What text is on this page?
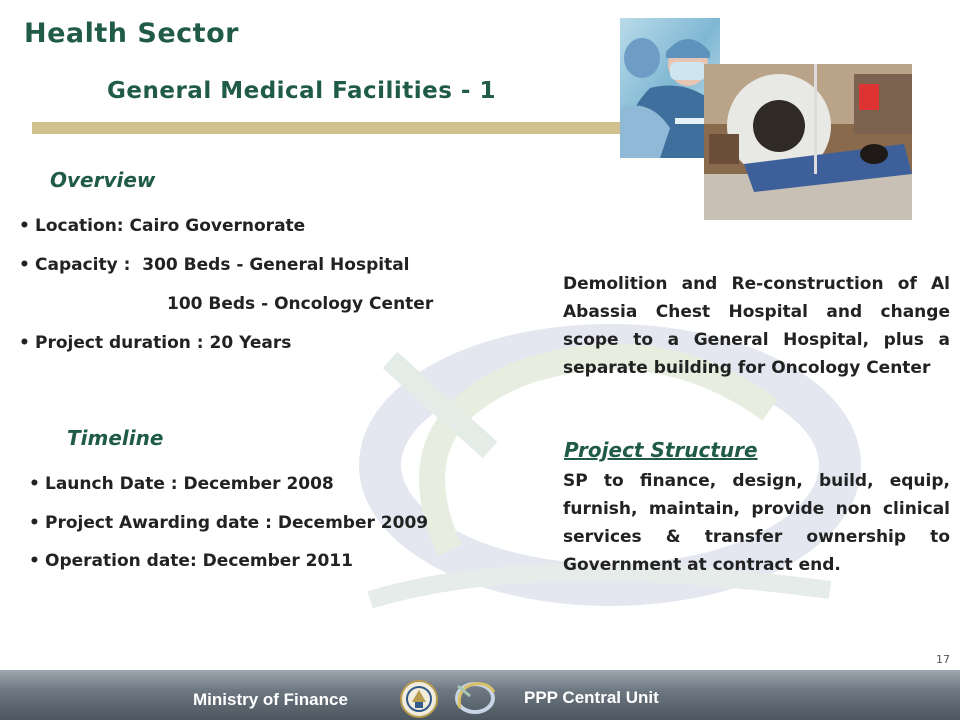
Health Sector
General Medical Facilities - 1
Overview
• Location: Cairo Governorate
• Capacity :  300 Beds - General Hospital
100 Beds - Oncology Center
• Project duration : 20 Years
Timeline
• Launch Date : December 2008
• Project Awarding date : December 2009
• Operation date: December 2011
Demolition and Re-construction of Al Abassia Chest Hospital and change scope to a General Hospital, plus a separate building for Oncology Center
Project Structure
SP to finance, design, build, equip, furnish, maintain, provide non clinical services & transfer ownership to Government at contract end.
17
Ministry of Finance	PPP Central Unit
